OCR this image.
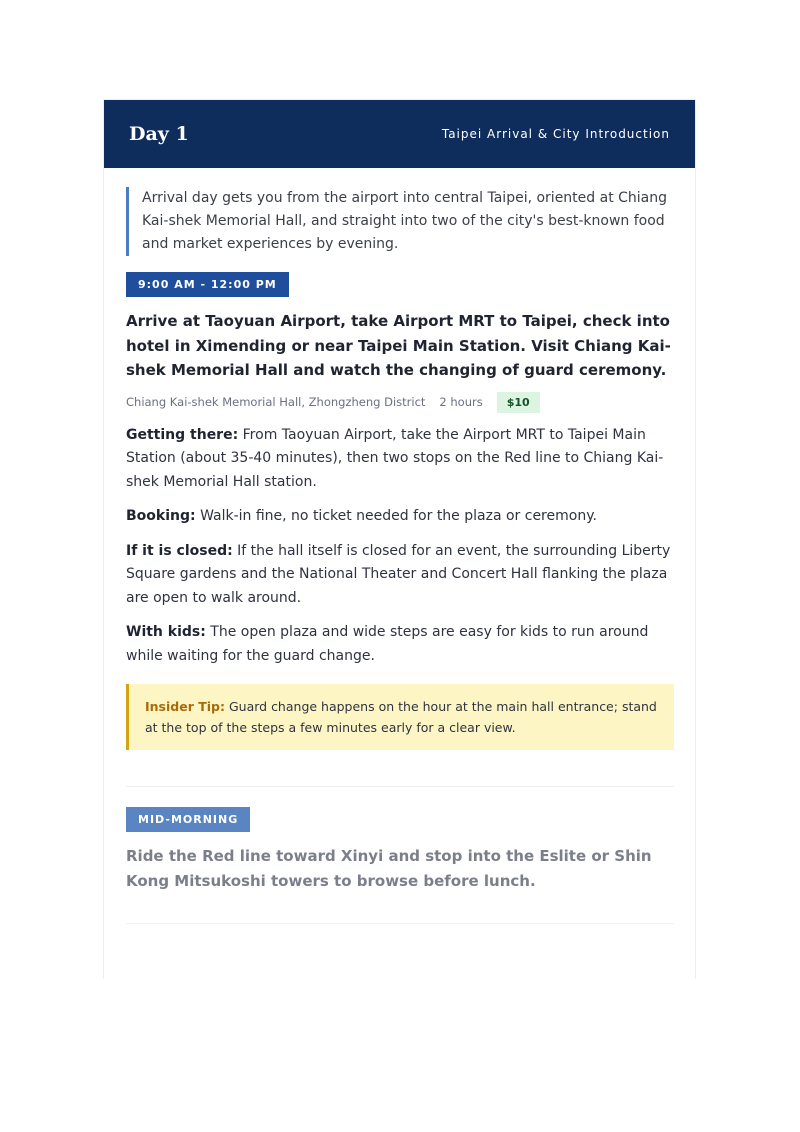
Day 1	Taipei Arrival & City Introduction
Arrival day gets you from the airport into central Taipei, oriented at Chiang Kai-shek Memorial Hall, and straight into two of the city's best-known food and market experiences by evening.
9:00 AM - 12:00 PM
Arrive at Taoyuan Airport, take Airport MRT to Taipei, check into hotel in Ximending or near Taipei Main Station. Visit Chiang Kai-shek Memorial Hall and watch the changing of guard ceremony.
Chiang Kai-shek Memorial Hall, Zhongzheng District 2 hours	$10
Getting there: From Taoyuan Airport, take the Airport MRT to Taipei Main Station (about 35-40 minutes), then two stops on the Red line to Chiang Kai-shek Memorial Hall station.
Booking: Walk-in fine, no ticket needed for the plaza or ceremony.
If it is closed: If the hall itself is closed for an event, the surrounding Liberty Square gardens and the National Theater and Concert Hall flanking the plaza are open to walk around.
With kids: The open plaza and wide steps are easy for kids to run around while waiting for the guard change.
Insider Tip: Guard change happens on the hour at the main hall entrance; stand at the top of the steps a few minutes early for a clear view.
MID-MORNING
Ride the Red line toward Xinyi and stop into the Eslite or Shin Kong Mitsukoshi towers to browse before lunch.
